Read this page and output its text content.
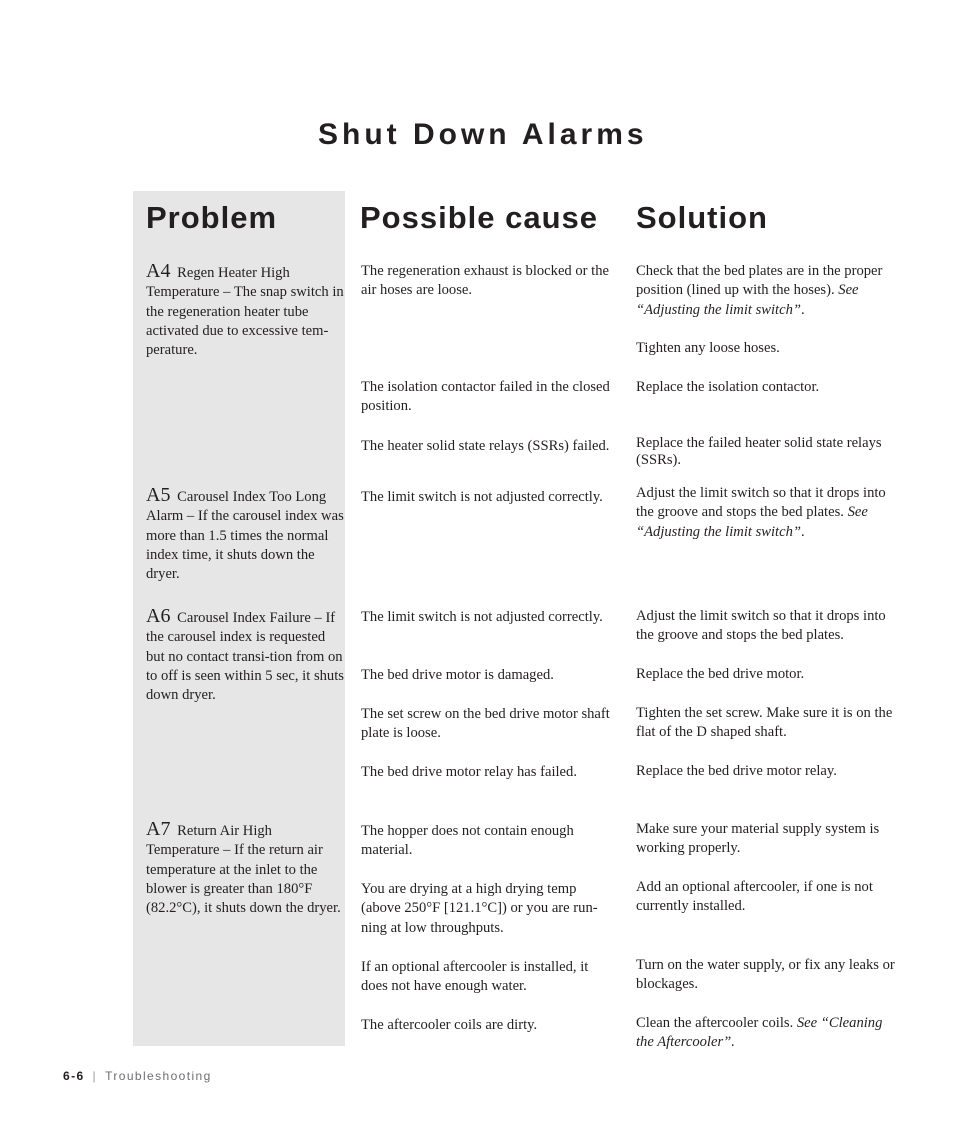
Shut Down Alarms
Problem	Possible cause Solution
A4 Regen Heater High Temperature – The snap switch in the regeneration heater tube activated due to excessive tem-perature.
A5 Carousel Index Too Long Alarm – If the carousel index was more than 1.5 times the normal index time, it shuts down the dryer.
A6 Carousel Index Failure – If the carousel index is requested but no contact transi-tion from on to off is seen within 5 sec, it shuts down dryer.
A7 Return Air High Temperature – If the return air temperature at the inlet to the blower is greater than 180°F (82.2°C), it shuts down the dryer.
The regeneration exhaust is blocked or the air hoses are loose.
The isolation contactor failed in the closed position.
The heater solid state relays (SSRs) failed.
The limit switch is not adjusted correctly.
The limit switch is not adjusted correctly.
The bed drive motor is damaged.
The set screw on the bed drive motor shaft plate is loose.
The bed drive motor relay has failed.
The hopper does not contain enough material.
You are drying at a high drying temp (above 250°F [121.1°C]) or you are run-ning at low throughputs.
If an optional aftercooler is installed, it does not have enough water.
The aftercooler coils are dirty.
Check that the bed plates are in the proper position (lined up with the hoses). See “Adjusting the limit switch”.
Tighten any loose hoses.
Replace the isolation contactor.
Replace the failed heater solid state relays (SSRs).
Adjust the limit switch so that it drops into the groove and stops the bed plates. See “Adjusting the limit switch”.
Adjust the limit switch so that it drops into the groove and stops the bed plates.
Replace the bed drive motor.
Tighten the set screw. Make sure it is on the flat of the D shaped shaft.
Replace the bed drive motor relay.
Make sure your material supply system is working properly.
Add an optional aftercooler, if one is not currently installed.
Turn on the water supply, or fix any leaks or blockages.
Clean the aftercooler coils. See “Cleaning the Aftercooler”.
6-6 | Troubleshooting
